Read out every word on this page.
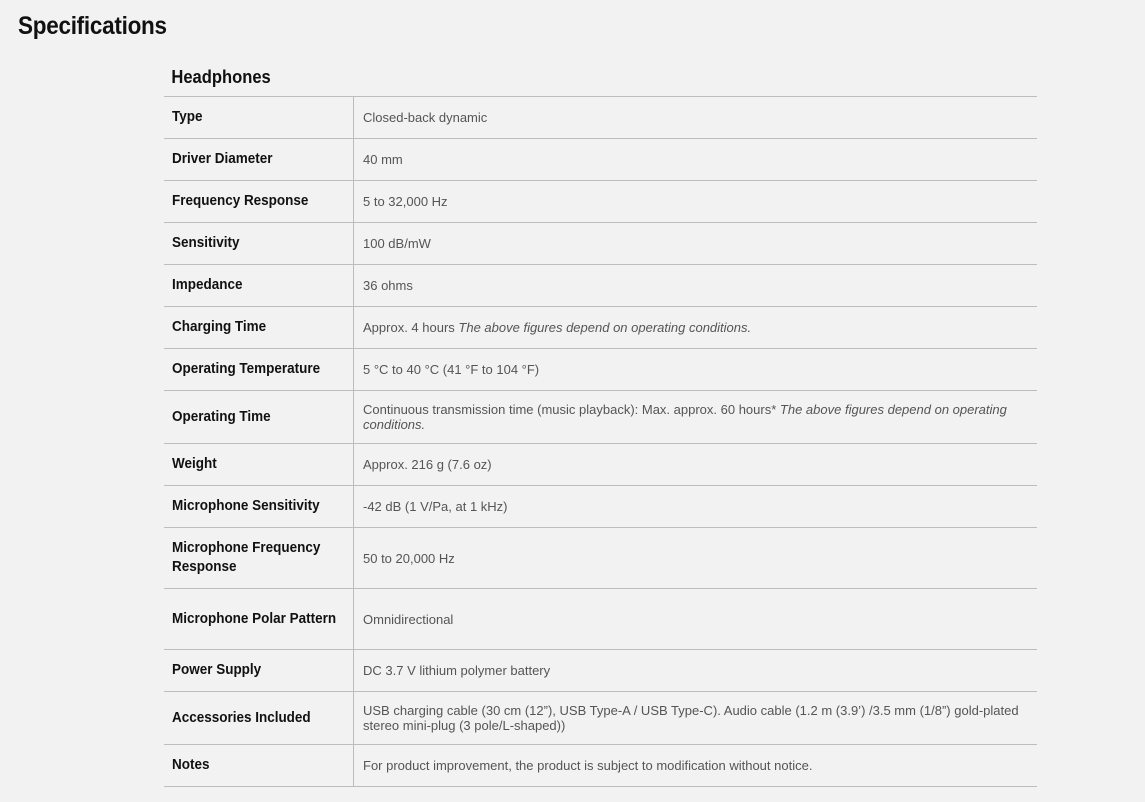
Specifications
Headphones
Type	Closed-back dynamic
Driver Diameter	40 mm
Frequency Response	5 to 32,000 Hz
Sensitivity	100 dB/mW
Impedance	36 ohms
Charging Time	Approx. 4 hours The above figures depend on operating conditions.
Operating Temperature	5 °C to 40 °C (41 °F to 104 °F)
Operating Time	Continuous transmission time (music playback): Max. approx. 60 hours* The above figures depend on operating conditions.
Weight	Approx. 216 g (7.6 oz)
Microphone Sensitivity	-42 dB (1 V/Pa, at 1 kHz)
Microphone Frequency Response	50 to 20,000 Hz
Microphone Polar Pattern	Omnidirectional
Power Supply	DC 3.7 V lithium polymer battery
Accessories Included	USB charging cable (30 cm (12”), USB Type-A / USB Type-C). Audio cable (1.2 m (3.9’) /3.5 mm (1/8”) gold-plated stereo mini-plug (3 pole/L-shaped))
Notes	For product improvement, the product is subject to modification without notice.
